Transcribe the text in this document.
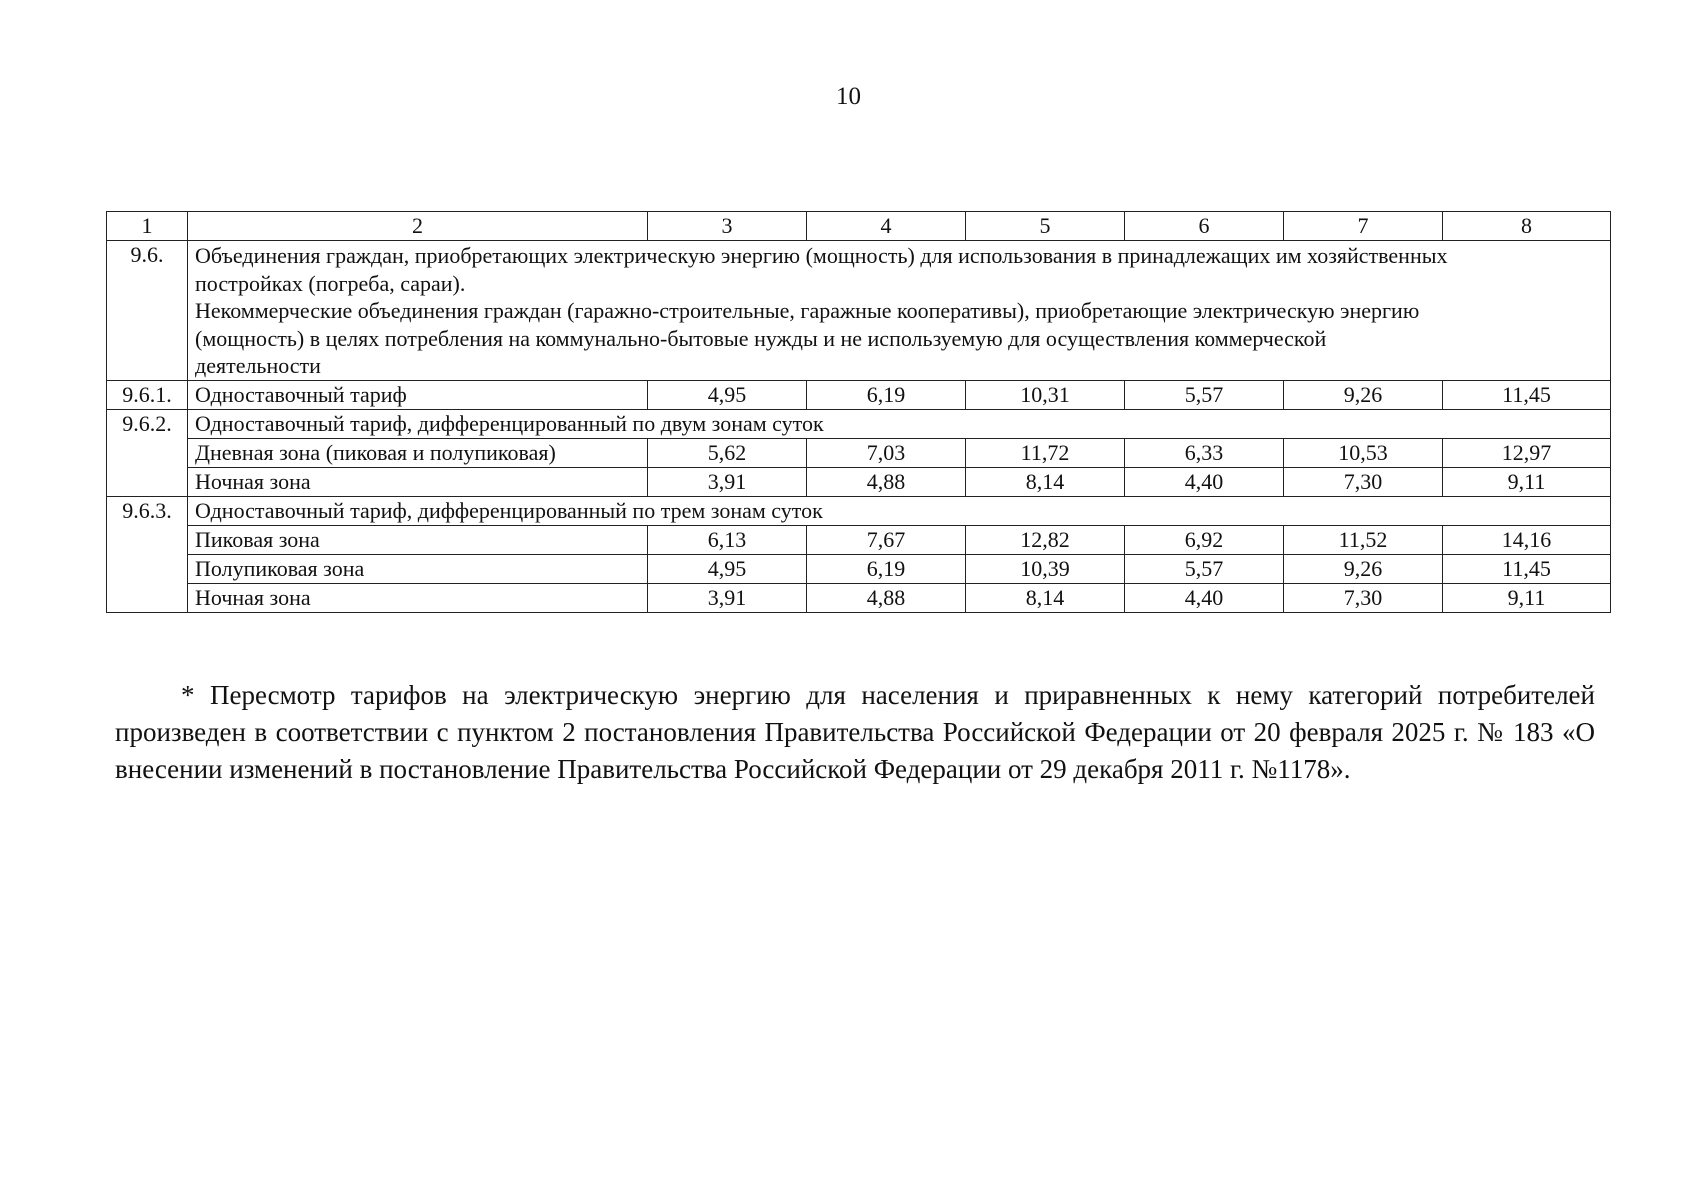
10
1	2	3	4	5	6	7	8
9.6.	Объединения граждан, приобретающих электрическую энергию (мощность) для использования в принадлежащих им хозяйственных
постройках (погреба, сараи).
Некоммерческие объединения граждан (гаражно-строительные, гаражные кооперативы), приобретающие электрическую энергию
(мощность) в целях потребления на коммунально-бытовые нужды и не используемую для осуществления коммерческой
деятельности						

9.6.1.	Одноставочный тариф	4,95	6,19	10,31	5,57	9,26	11,45
9.6.2.	Одноставочный тариф, дифференцированный по двум зонам суток						
	Дневная зона (пиковая и полупиковая)	5,62	7,03	11,72	6,33	10,53	12,97
	Ночная зона	3,91	4,88	8,14	4,40	7,30	9,11
9.6.3.	Одноставочный тариф, дифференцированный по трем зонам суток						
	Пиковая зона	6,13	7,67	12,82	6,92	11,52	14,16
	Полупиковая зона	4,95	6,19	10,39	5,57	9,26	11,45
	Ночная зона	3,91	4,88	8,14	4,40	7,30	9,11

* Пересмотр тарифов на электрическую энергию для населения и приравненных к нему категорий потребителей произведен в соответствии с пунктом 2 постановления Правительства Российской Федерации от 20 февраля 2025 г. № 183 «О внесении изменений в постановление Правительства Российской Федерации от 29 декабря 2011 г. №1178».
